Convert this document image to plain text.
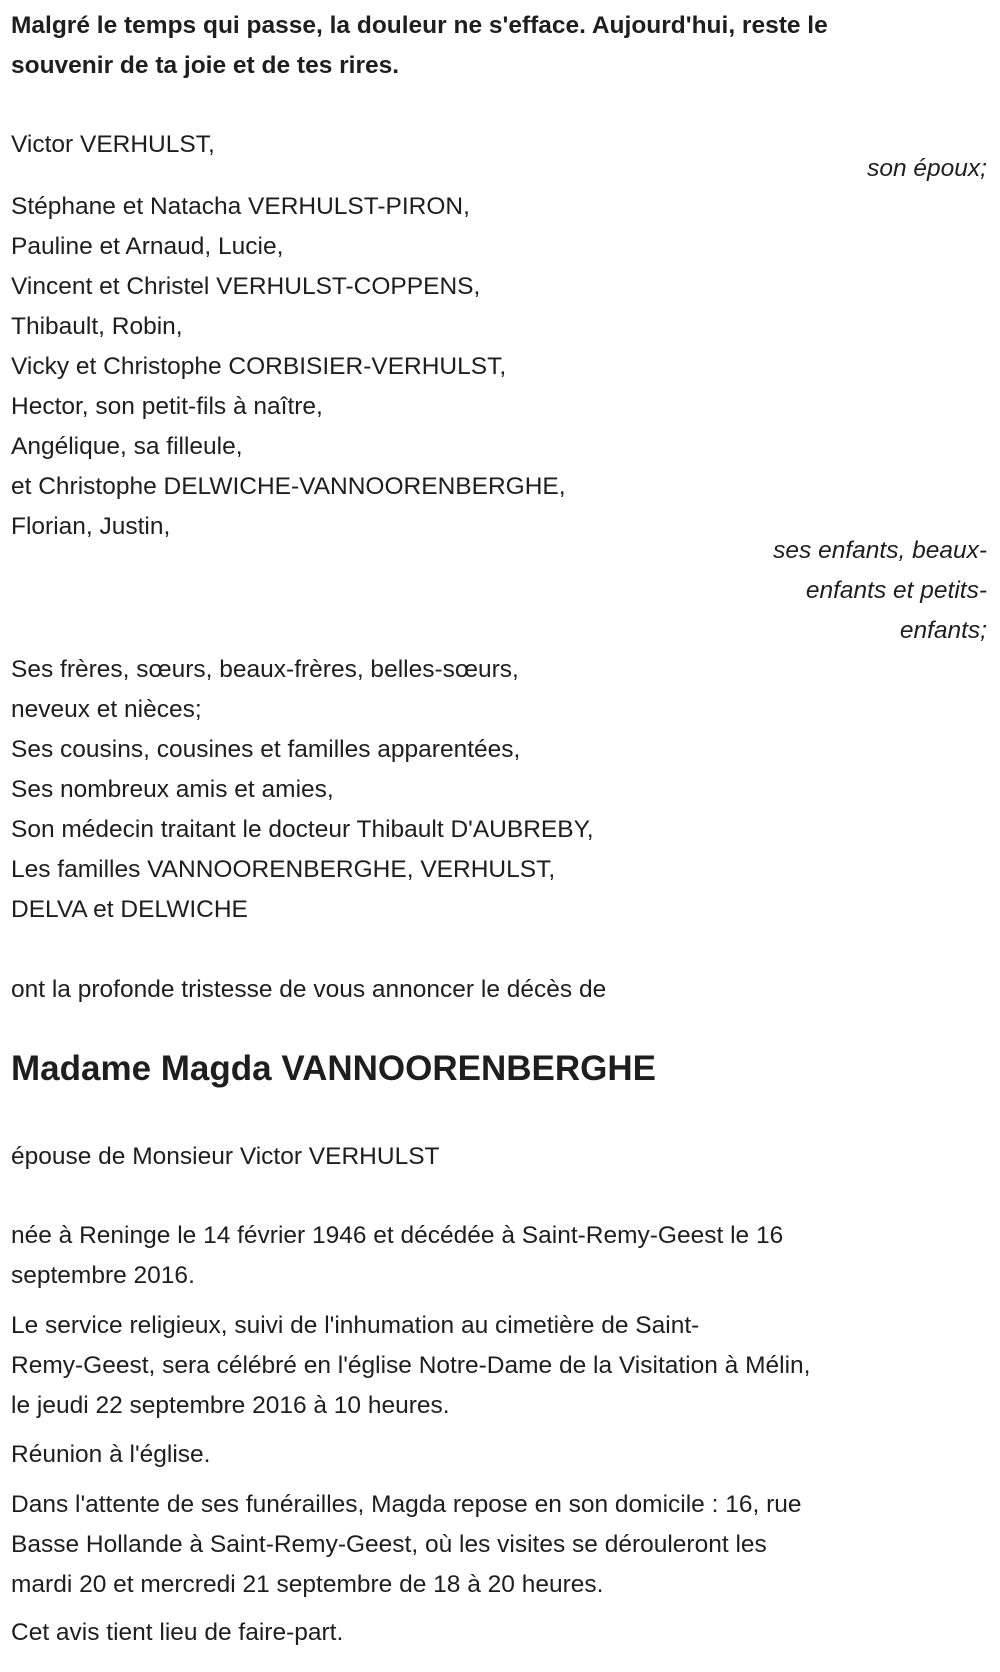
Malgré le temps qui passe, la douleur ne s'efface. Aujourd'hui, reste le
souvenir de ta joie et de tes rires.
Victor VERHULST,
son époux;
Stéphane et Natacha VERHULST-PIRON,
Pauline et Arnaud, Lucie,
Vincent et Christel VERHULST-COPPENS,
Thibault, Robin,
Vicky et Christophe CORBISIER-VERHULST,
Hector, son petit-fils à naître,
Angélique, sa filleule,
et Christophe DELWICHE-VANNOORENBERGHE,
Florian, Justin,
ses enfants, beaux-
enfants et petits-
enfants;
Ses frères, sœurs, beaux-frères, belles-sœurs,
neveux et nièces;
Ses cousins, cousines et familles apparentées,
Ses nombreux amis et amies,
Son médecin traitant le docteur Thibault D'AUBREBY,
Les familles VANNOORENBERGHE, VERHULST,
DELVA et DELWICHE
ont la profonde tristesse de vous annoncer le décès de
Madame Magda VANNOORENBERGHE
épouse de Monsieur Victor VERHULST
née à Reninge le 14 février 1946 et décédée à Saint-Remy-Geest le 16
septembre 2016.
Le service religieux, suivi de l'inhumation au cimetière de Saint-
Remy-Geest, sera célébré en l'église Notre-Dame de la Visitation à Mélin,
le jeudi 22 septembre 2016 à 10 heures.
Réunion à l'église.
Dans l'attente de ses funérailles, Magda repose en son domicile : 16, rue
Basse Hollande à Saint-Remy-Geest, où les visites se dérouleront les
mardi 20 et mercredi 21 septembre de 18 à 20 heures.
Cet avis tient lieu de faire-part.
